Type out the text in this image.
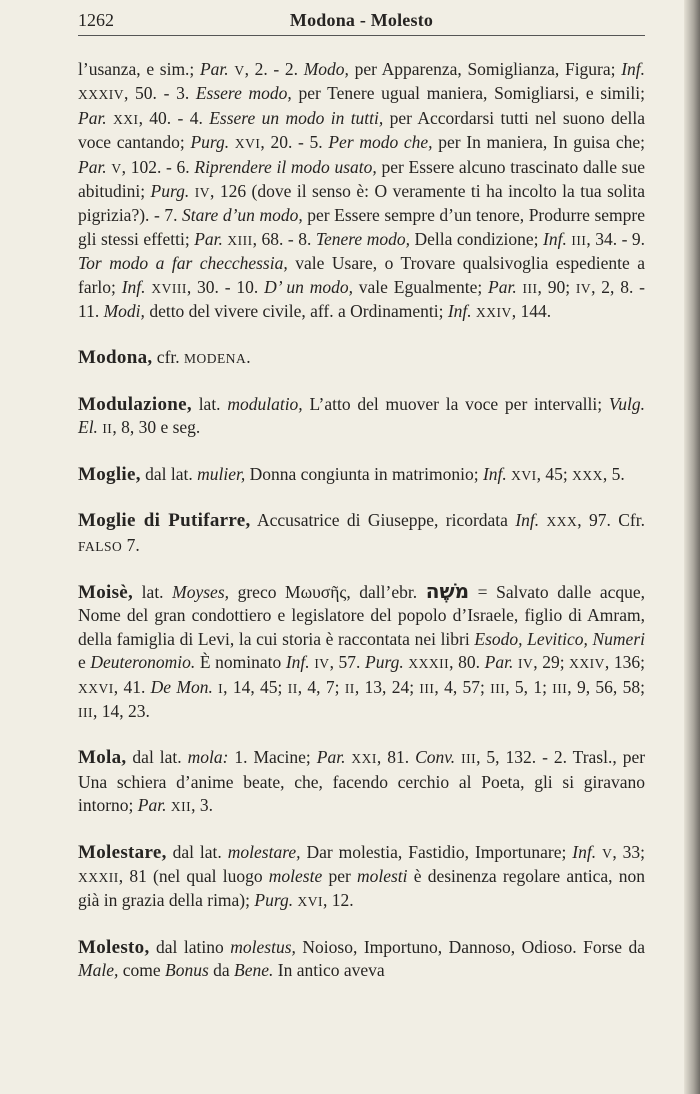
1262	Modona - Molesto

l’usanza, e sim.; Par. V, 2. - 2. Modo, per Apparenza, Somiglianza, Figura; Inf. XXXIV, 50. - 3. Essere modo, per Tenere ugual maniera, Somigliarsi, e simili; Par. XXI, 40. - 4. Essere un modo in tutti, per Accordarsi tutti nel suono della voce cantando; Purg. XVI, 20. - 5. Per modo che, per In maniera, In guisa che; Par. V, 102. - 6. Riprendere il modo usato, per Essere alcuno trascinato dalle sue abitudini; Purg. IV, 126 (dove il senso è: O veramente ti ha incolto la tua solita pigrizia?). - 7. Stare d’un modo, per Essere sempre d’un tenore, Produrre sempre gli stessi effetti; Par. XIII, 68. - 8. Tenere modo, Della condizione; Inf. III, 34. - 9. Tor modo a far checchessia, vale Usare, o Trovare qualsivoglia espediente a farlo; Inf. XVIII, 30. - 10. D’ un modo, vale Egualmente; Par. III, 90; IV, 2, 8. - 11. Modi, detto del vivere civile, aff. a Ordinamenti; Inf. XXIV, 144.

Modona, cfr. MODENA.

Modulazione, lat. modulatio, L’atto del muover la voce per intervalli; Vulg. El. II, 8, 30 e seg.

Moglie, dal lat. mulier, Donna congiunta in matrimonio; Inf. XVI, 45; XXX, 5.

Moglie di Putifarre, Accusatrice di Giuseppe, ricordata Inf. XXX, 97. Cfr. FALSO 7.

Moisè, lat. Moyses, greco Μωυσῆς, dall’ebr. מֹשֶׁה = Salvato dalle acque, Nome del gran condottiero e legislatore del popolo d’Israele, figlio di Amram, della famiglia di Levi, la cui storia è raccontata nei libri Esodo, Levitico, Numeri e Deuteronomio. È nominato Inf. IV, 57. Purg. XXXII, 80. Par. IV, 29; XXIV, 136; XXVI, 41. De Mon. I, 14, 45; II, 4, 7; II, 13, 24; III, 4, 57; III, 5, 1; III, 9, 56, 58; III, 14, 23.

Mola, dal lat. mola: 1. Macine; Par. XXI, 81. Conv. III, 5, 132. - 2. Trasl., per Una schiera d’anime beate, che, facendo cerchio al Poeta, gli si giravano intorno; Par. XII, 3.

Molestare, dal lat. molestare, Dar molestia, Fastidio, Importunare; Inf. V, 33; XXXII, 81 (nel qual luogo moleste per molesti è desinenza regolare antica, non già in grazia della rima); Purg. XVI, 12.

Molesto, dal latino molestus, Noioso, Importuno, Dannoso, Odioso. Forse da Male, come Bonus da Bene. In antico aveva
